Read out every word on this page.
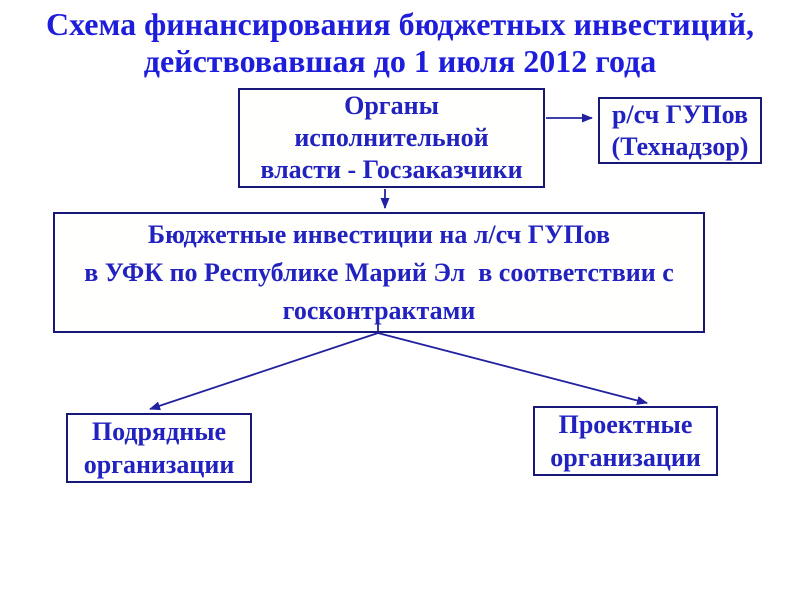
Схема финансирования бюджетных инвестиций,
действовавшая до 1 июля 2012 года
Органы
исполнительной
власти - Госзаказчики
р/сч ГУПов
(Технадзор)
Бюджетные инвестиции на л/сч ГУПов
в УФК по Республике Марий Эл  в соответствии с
госконтрактами
Подрядные
организации
Проектные
организации
